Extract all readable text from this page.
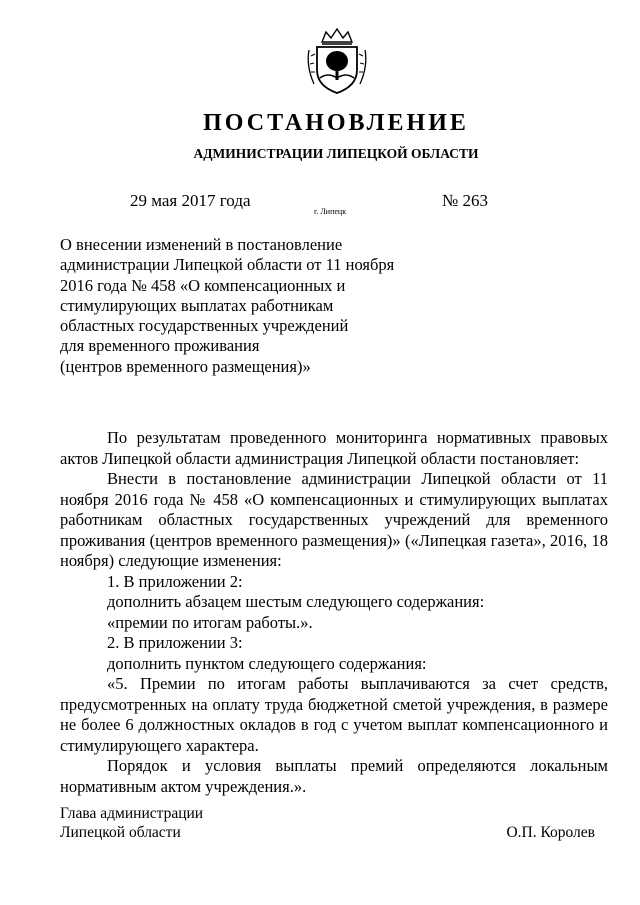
ПОСТАНОВЛЕНИЕ
АДМИНИСТРАЦИИ ЛИПЕЦКОЙ ОБЛАСТИ
29 мая 2017 года
г. Липецк
№ 263
О внесении изменений в постановление
администрации Липецкой области от 11 ноября
2016 года № 458 «О компенсационных и
стимулирующих выплатах работникам
областных государственных учреждений
для временного проживания
(центров временного размещения)»

По результатам проведенного мониторинга нормативных правовых актов Липецкой области администрация Липецкой области постановляет:

Внести в постановление администрации Липецкой области от 11 ноября 2016 года № 458 «О компенсационных и стимулирующих выплатах работникам областных государственных учреждений для временного проживания (центров временного размещения)» («Липецкая газета», 2016, 18 ноября) следующие изменения:

1. В приложении 2:

дополнить абзацем шестым следующего содержания:

«премии по итогам работы.».

2. В приложении 3:

дополнить пунктом следующего содержания:

«5. Премии по итогам работы выплачиваются за счет средств, предусмотренных на оплату труда бюджетной сметой учреждения, в размере не более 6 должностных окладов в год с учетом выплат компенсационного и стимулирующего характера.

Порядок и условия выплаты премий определяются локальным нормативным актом учреждения.».

Глава администрации
Липецкой области	О.П. Королев
